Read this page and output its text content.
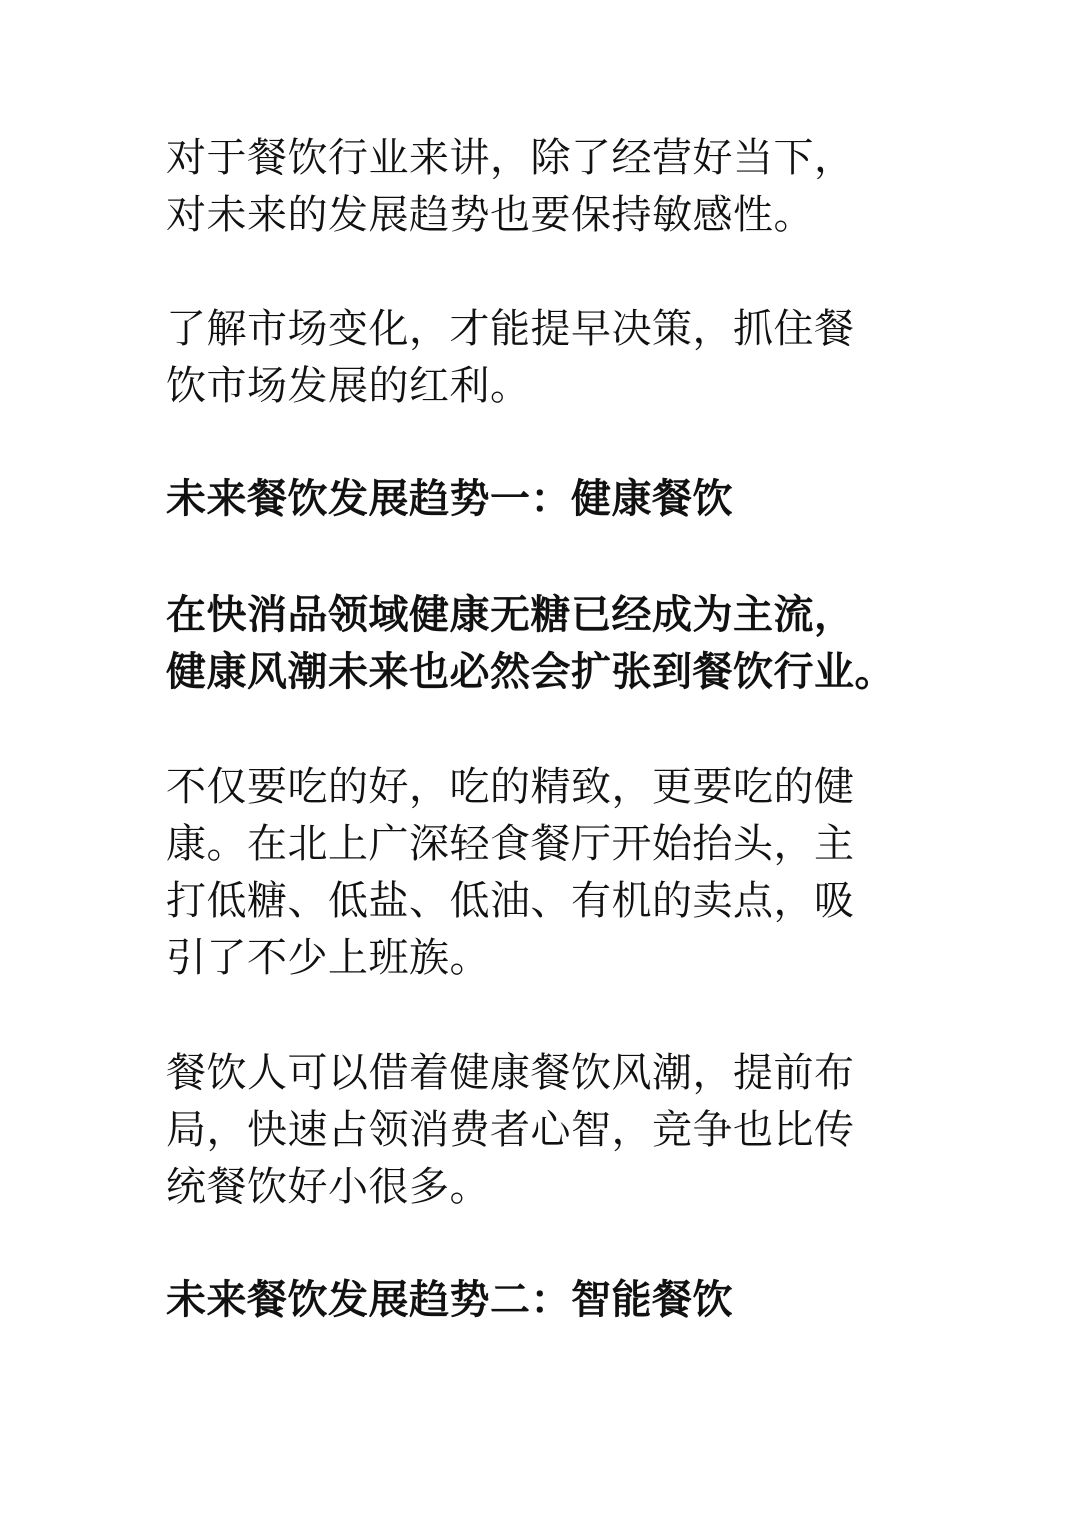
对于餐饮行业来讲，除了经营好当下，
对未来的发展趋势也要保持敏感性。

了解市场变化，才能提早决策，抓住餐
饮市场发展的红利。

未来餐饮发展趋势一：健康餐饮

在快消品领域健康无糖已经成为主流，
健康风潮未来也必然会扩张到餐饮行业。

不仅要吃的好，吃的精致，更要吃的健
康。在北上广深轻食餐厅开始抬头，主
打低糖、低盐、低油、有机的卖点，吸
引了不少上班族。

餐饮人可以借着健康餐饮风潮，提前布
局，快速占领消费者心智，竞争也比传
统餐饮好小很多。

未来餐饮发展趋势二：智能餐饮
